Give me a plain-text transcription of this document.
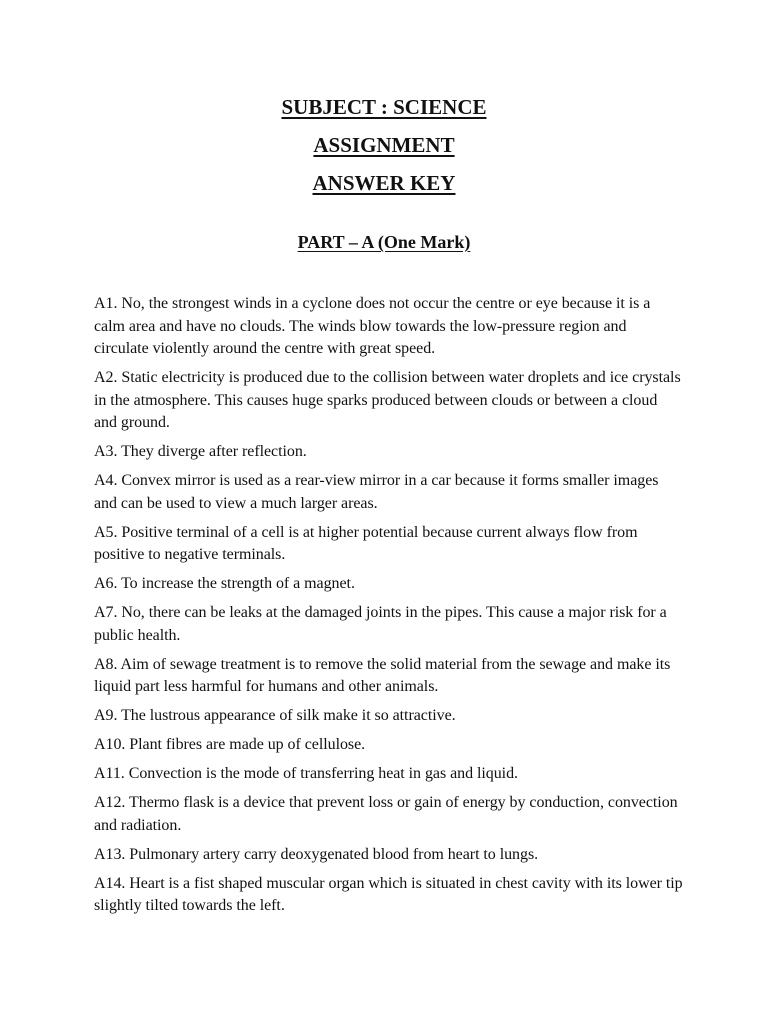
SUBJECT : SCIENCE
ASSIGNMENT
ANSWER KEY
PART – A (One Mark)

A1. No, the strongest winds in a cyclone does not occur the centre or eye because it is a calm area and have no clouds. The winds blow towards the low-pressure region and circulate violently around the centre with great speed.

A2. Static electricity is produced due to the collision between water droplets and ice crystals in the atmosphere. This causes huge sparks produced between clouds or between a cloud and ground.

A3. They diverge after reflection.

A4. Convex mirror is used as a rear-view mirror in a car because it forms smaller images and can be used to view a much larger areas.

A5. Positive terminal of a cell is at higher potential because current always flow from positive to negative terminals.

A6. To increase the strength of a magnet.

A7. No, there can be leaks at the damaged joints in the pipes. This cause a major risk for a public health.

A8. Aim of sewage treatment is to remove the solid material from the sewage and make its liquid part less harmful for humans and other animals.

A9. The lustrous appearance of silk make it so attractive.

A10. Plant fibres are made up of cellulose.

A11. Convection is the mode of transferring heat in gas and liquid.

A12. Thermo flask is a device that prevent loss or gain of energy by conduction, convection and radiation.

A13. Pulmonary artery carry deoxygenated blood from heart to lungs.

A14. Heart is a fist shaped muscular organ which is situated in chest cavity with its lower tip slightly tilted towards the left.
